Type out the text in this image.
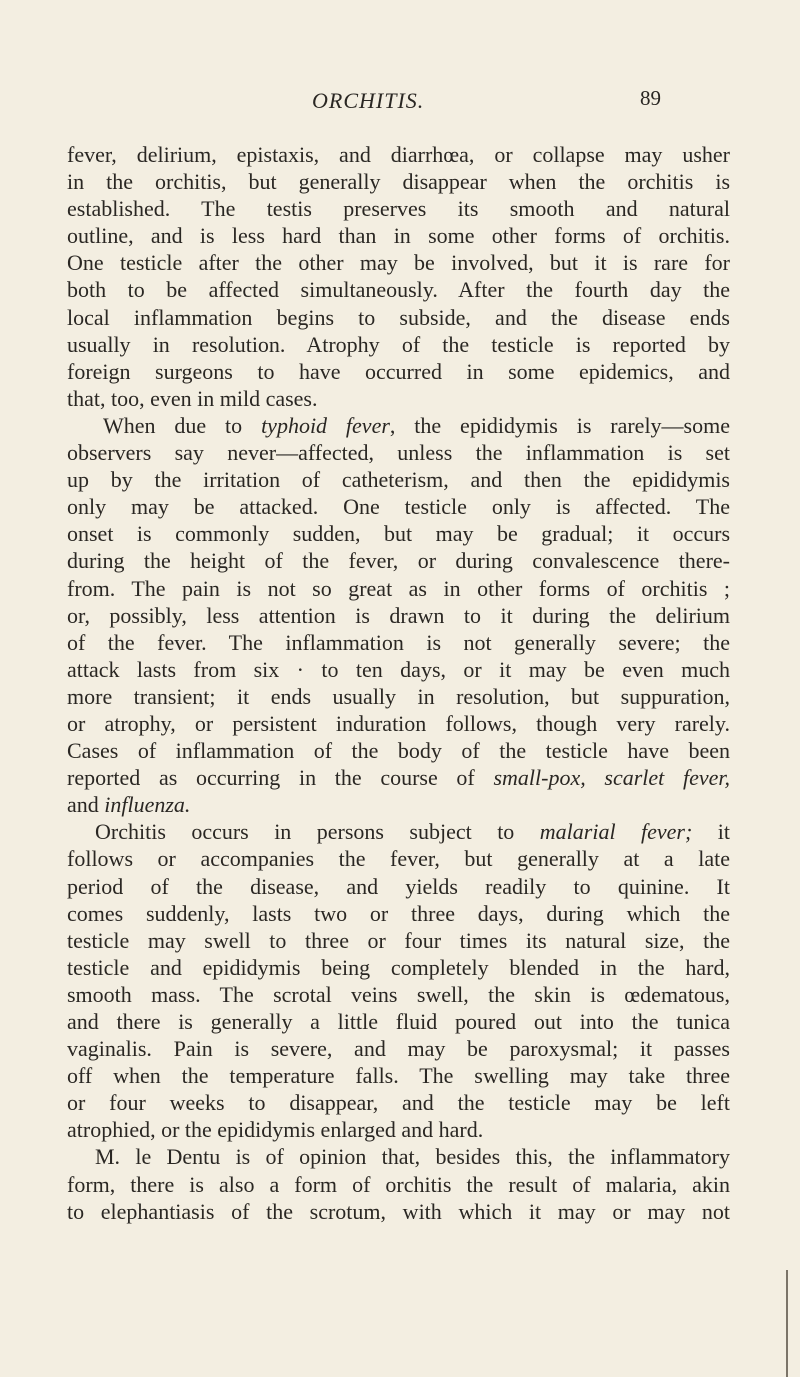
ORCHITIS.	89
fever, delirium, epistaxis, and diarrhœa, or collapse may usher
in the orchitis, but generally disappear when the orchitis is
established. The testis preserves its smooth and natural
outline, and is less hard than in some other forms of orchitis.
One testicle after the other may be involved, but it is rare for
both to be affected simultaneously. After the fourth day the
local inflammation begins to subside, and the disease ends
usually in resolution. Atrophy of the testicle is reported by
foreign surgeons to have occurred in some epidemics, and
that, too, even in mild cases.
When due to typhoid fever, the epididymis is rarely—some
observers say never—affected, unless the inflammation is set
up by the irritation of catheterism, and then the epididymis
only may be attacked. One testicle only is affected. The
onset is commonly sudden, but may be gradual; it occurs
during the height of the fever, or during convalescence there-
from. The pain is not so great as in other forms of orchitis ;
or, possibly, less attention is drawn to it during the delirium
of the fever. The inflammation is not generally severe; the
attack lasts from six · to ten days, or it may be even much
more transient; it ends usually in resolution, but suppuration,
or atrophy, or persistent induration follows, though very rarely.
Cases of inflammation of the body of the testicle have been
reported as occurring in the course of small-pox, scarlet fever,
and influenza.
Orchitis occurs in persons subject to malarial fever; it
follows or accompanies the fever, but generally at a late
period of the disease, and yields readily to quinine. It
comes suddenly, lasts two or three days, during which the
testicle may swell to three or four times its natural size, the
testicle and epididymis being completely blended in the hard,
smooth mass. The scrotal veins swell, the skin is œdematous,
and there is generally a little fluid poured out into the tunica
vaginalis. Pain is severe, and may be paroxysmal; it passes
off when the temperature falls. The swelling may take three
or four weeks to disappear, and the testicle may be left
atrophied, or the epididymis enlarged and hard.
M. le Dentu is of opinion that, besides this, the inflammatory
form, there is also a form of orchitis the result of malaria, akin
to elephantiasis of the scrotum, with which it may or may not
